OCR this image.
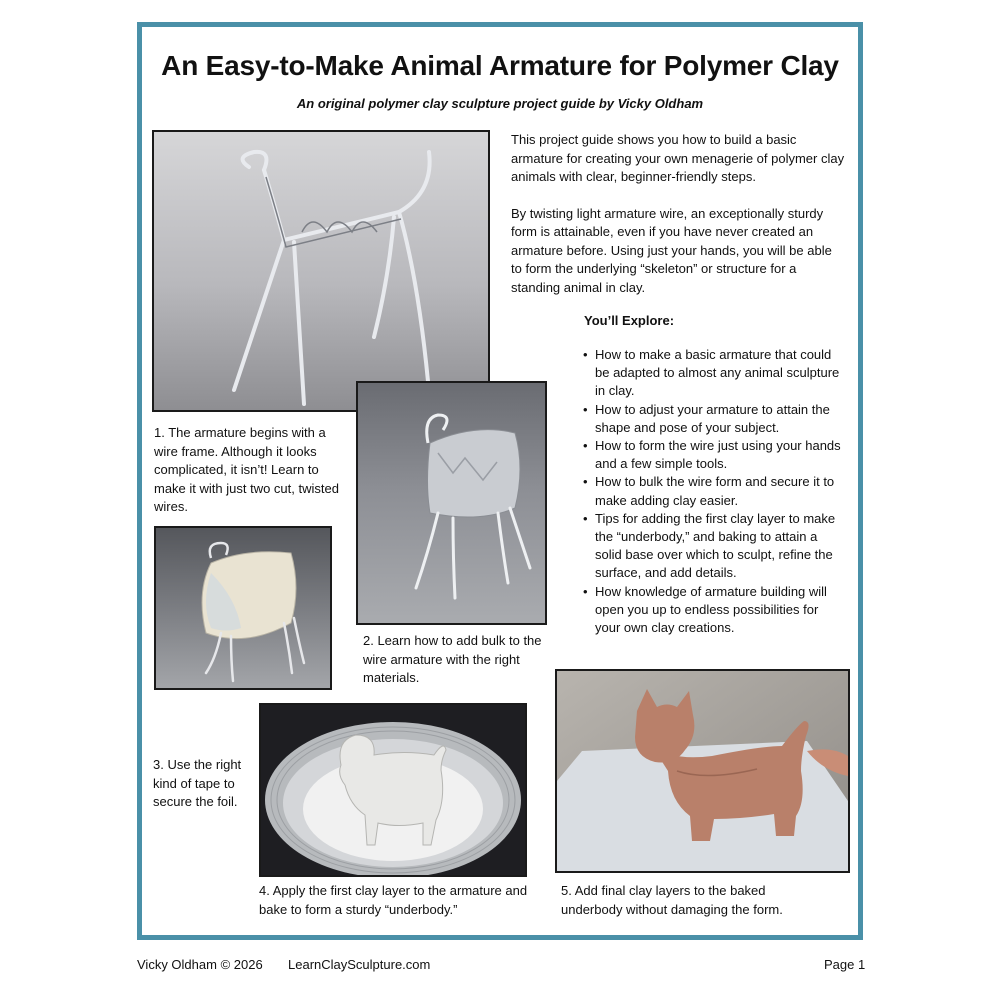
An Easy-to-Make Animal Armature for Polymer Clay
An original polymer clay sculpture project guide by Vicky Oldham

This project guide shows you how to build a basic armature for creating your own menagerie of polymer clay animals with clear, beginner-friendly steps.

By twisting light armature wire, an exceptionally sturdy form is attainable, even if you have never created an armature before. Using just your hands, you will be able to form the underlying “skeleton” or structure for a standing animal in clay.

You’ll Explore:
• How to make a basic armature that could be adapted to almost any animal sculpture in clay.
• How to adjust your armature to attain the shape and pose of your subject.
• How to form the wire just using your hands and a few simple tools.
• How to bulk the wire form and secure it to make adding clay easier.
• Tips for adding the first clay layer to make the “underbody,” and baking to attain a solid base over which to sculpt, refine the surface, and add details.
• How knowledge of armature building will open you up to endless possibilities for your own clay creations.
1. The armature begins with a wire frame. Although it looks complicated, it isn’t! Learn to make it with just two cut, twisted wires.
2. Learn how to add bulk to the wire armature with the right materials.
3. Use the right kind of tape to secure the foil.
4. Apply the first clay layer to the armature and bake to form a sturdy “underbody.”
5. Add final clay layers to the baked underbody without damaging the form.
Vicky Oldham © 2026 LearnClaySculpture.com	Page 1
